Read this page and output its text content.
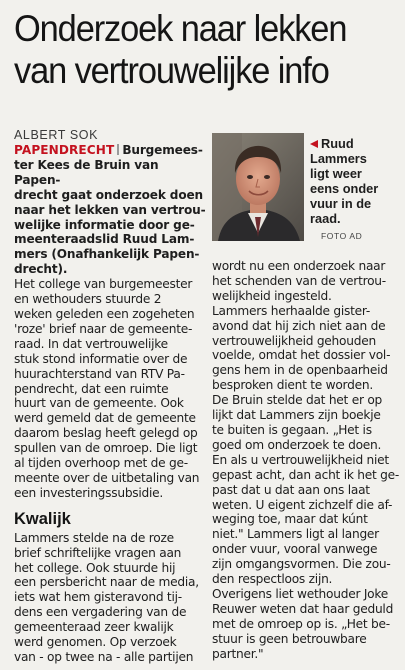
Onderzoek naar lekken
van vertrouwelijke info
ALBERT SOK
PAPENDRECHT Burgemees-
ter Kees de Bruin van Papen-
drecht gaat onderzoek doen
naar het lekken van vertrou-
welijke informatie door ge-
meenteraadslid Ruud Lam-
mers (Onafhankelijk Papen-
drecht).
Het college van burgemeester
en wethouders stuurde 2
weken geleden een zogeheten
'roze' brief naar de gemeente-
raad. In dat vertrouwelijke
stuk stond informatie over de
huurachterstand van RTV Pa-
pendrecht, dat een ruimte
huurt van de gemeente. Ook
werd gemeld dat de gemeente
daarom beslag heeft gelegd op
spullen van de omroep. Die ligt
al tijden overhoop met de ge-
meente over de uitbetaling van
een investeringssubsidie.
Kwalijk
Lammers stelde na de roze
brief schriftelijke vragen aan
het college. Ook stuurde hij
een persbericht naar de media,
iets wat hem gisteravond tij-
dens een vergadering van de
gemeenteraad zeer kwalijk
werd genomen. Op verzoek
van - op twee na - alle partijen
Ruud
Lammers
ligt weer
eens onder
vuur in de
raad.
FOTO AD
wordt nu een onderzoek naar
het schenden van de vertrou-
welijkheid ingesteld.
Lammers herhaalde gister-
avond dat hij zich niet aan de
vertrouwelijkheid gehouden
voelde, omdat het dossier vol-
gens hem in de openbaarheid
besproken dient te worden.
De Bruin stelde dat het er op
lijkt dat Lammers zijn boekje
te buiten is gegaan. „Het is
goed om onderzoek te doen.
En als u vertrouwelijkheid niet
gepast acht, dan acht ik het ge-
past dat u dat aan ons laat
weten. U eigent zichzelf die af-
weging toe, maar dat kúnt
niet." Lammers ligt al langer
onder vuur, vooral vanwege
zijn omgangsvormen. Die zou-
den respectloos zijn.
Overigens liet wethouder Joke
Reuwer weten dat haar geduld
met de omroep op is. „Het be-
stuur is geen betrouwbare
partner."
